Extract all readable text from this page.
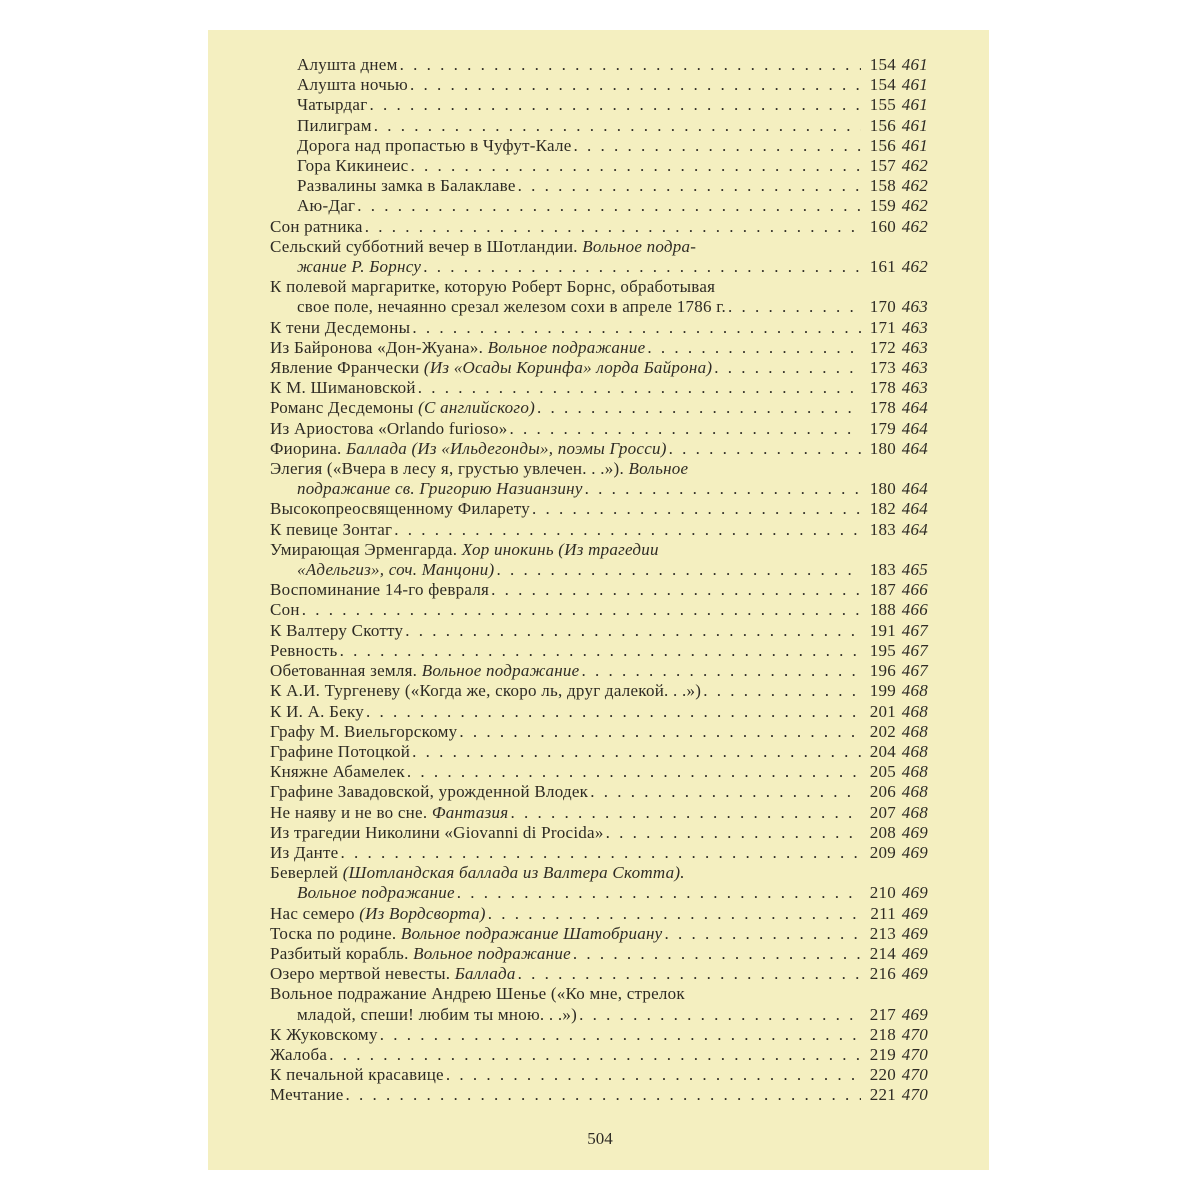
Алушта днем . . .	154 461
Алушта ночью . . .	154 461
Чатырдаг . . .	155 461
Пилиграм . . .	156 461
Дорога над пропастью в Чуфут-Кале . . .	156 461
Гора Кикинеис . . .	157 462
Развалины замка в Балаклаве . . .	158 462
Аю-Даг . . .	159 462
Сон ратника . . .	160 462
Сельский субботний вечер в Шотландии. Вольное подра-
жание Р. Борнсу . . .	161 462
К полевой маргаритке, которую Роберт Борнс, обработывая
свое поле, нечаянно срезал железом сохи в апреле 1786 г. . . .	170 463
К тени Десдемоны . . .	171 463
Из Байронова «Дон-Жуана». Вольное подражание . . .	172 463
Явление Франчески (Из «Осады Коринфа» лорда Байрона) . . .	173 463
К М. Шимановской . . .	178 463
Романс Десдемоны (С английского) . . .	178 464
Из Ариостова «Orlando furioso» . . .	179 464
Фиорина. Баллада (Из «Ильдегонды», поэмы Гросси) . . .	180 464
Элегия («Вчера в лесу я, грустью увлечен. . .»). Вольное
подражание св. Григорию Назианзину . . .	180 464
Высокопреосвященному Филарету . . .	182 464
К певице Зонтаг . . .	183 464
Умирающая Эрменгарда. Хор инокинь (Из трагедии
«Адельгиз», соч. Манцони) . . .	183 465
Воспоминание 14-го февраля . . .	187 466
Сон . . .	188 466
К Валтеру Скотту . . .	191 467
Ревность . . .	195 467
Обетованная земля. Вольное подражание . . .	196 467
К А.И. Тургеневу («Когда же, скоро ль, друг далекой. . .») . . .	199 468
К И. А. Беку . . .	201 468
Графу М. Виельгорскому . . .	202 468
Графине Потоцкой . . .	204 468
Княжне Абамелек . . .	205 468
Графине Завадовской, урожденной Влодек . . .	206 468
Не наяву и не во сне. Фантазия . . .	207 468
Из трагедии Николини «Giovanni di Procida» . . .	208 469
Из Данте . . .	209 469
Беверлей (Шотландская баллада из Валтера Скотта).
Вольное подражание . . .	210 469
Нас семеро (Из Вордсворта) . . .	211 469
Тоска по родине. Вольное подражание Шатобриану . . .	213 469
Разбитый корабль. Вольное подражание . . .	214 469
Озеро мертвой невесты. Баллада . . .	216 469
Вольное подражание Андрею Шенье («Ко мне, стрелок
младой, спеши! любим ты мною. . .») . . .	217 469
К Жуковскому . . .	218 470
Жалоба . . .	219 470
К печальной красавице . . .	220 470
Мечтание . . .	221 470
504
